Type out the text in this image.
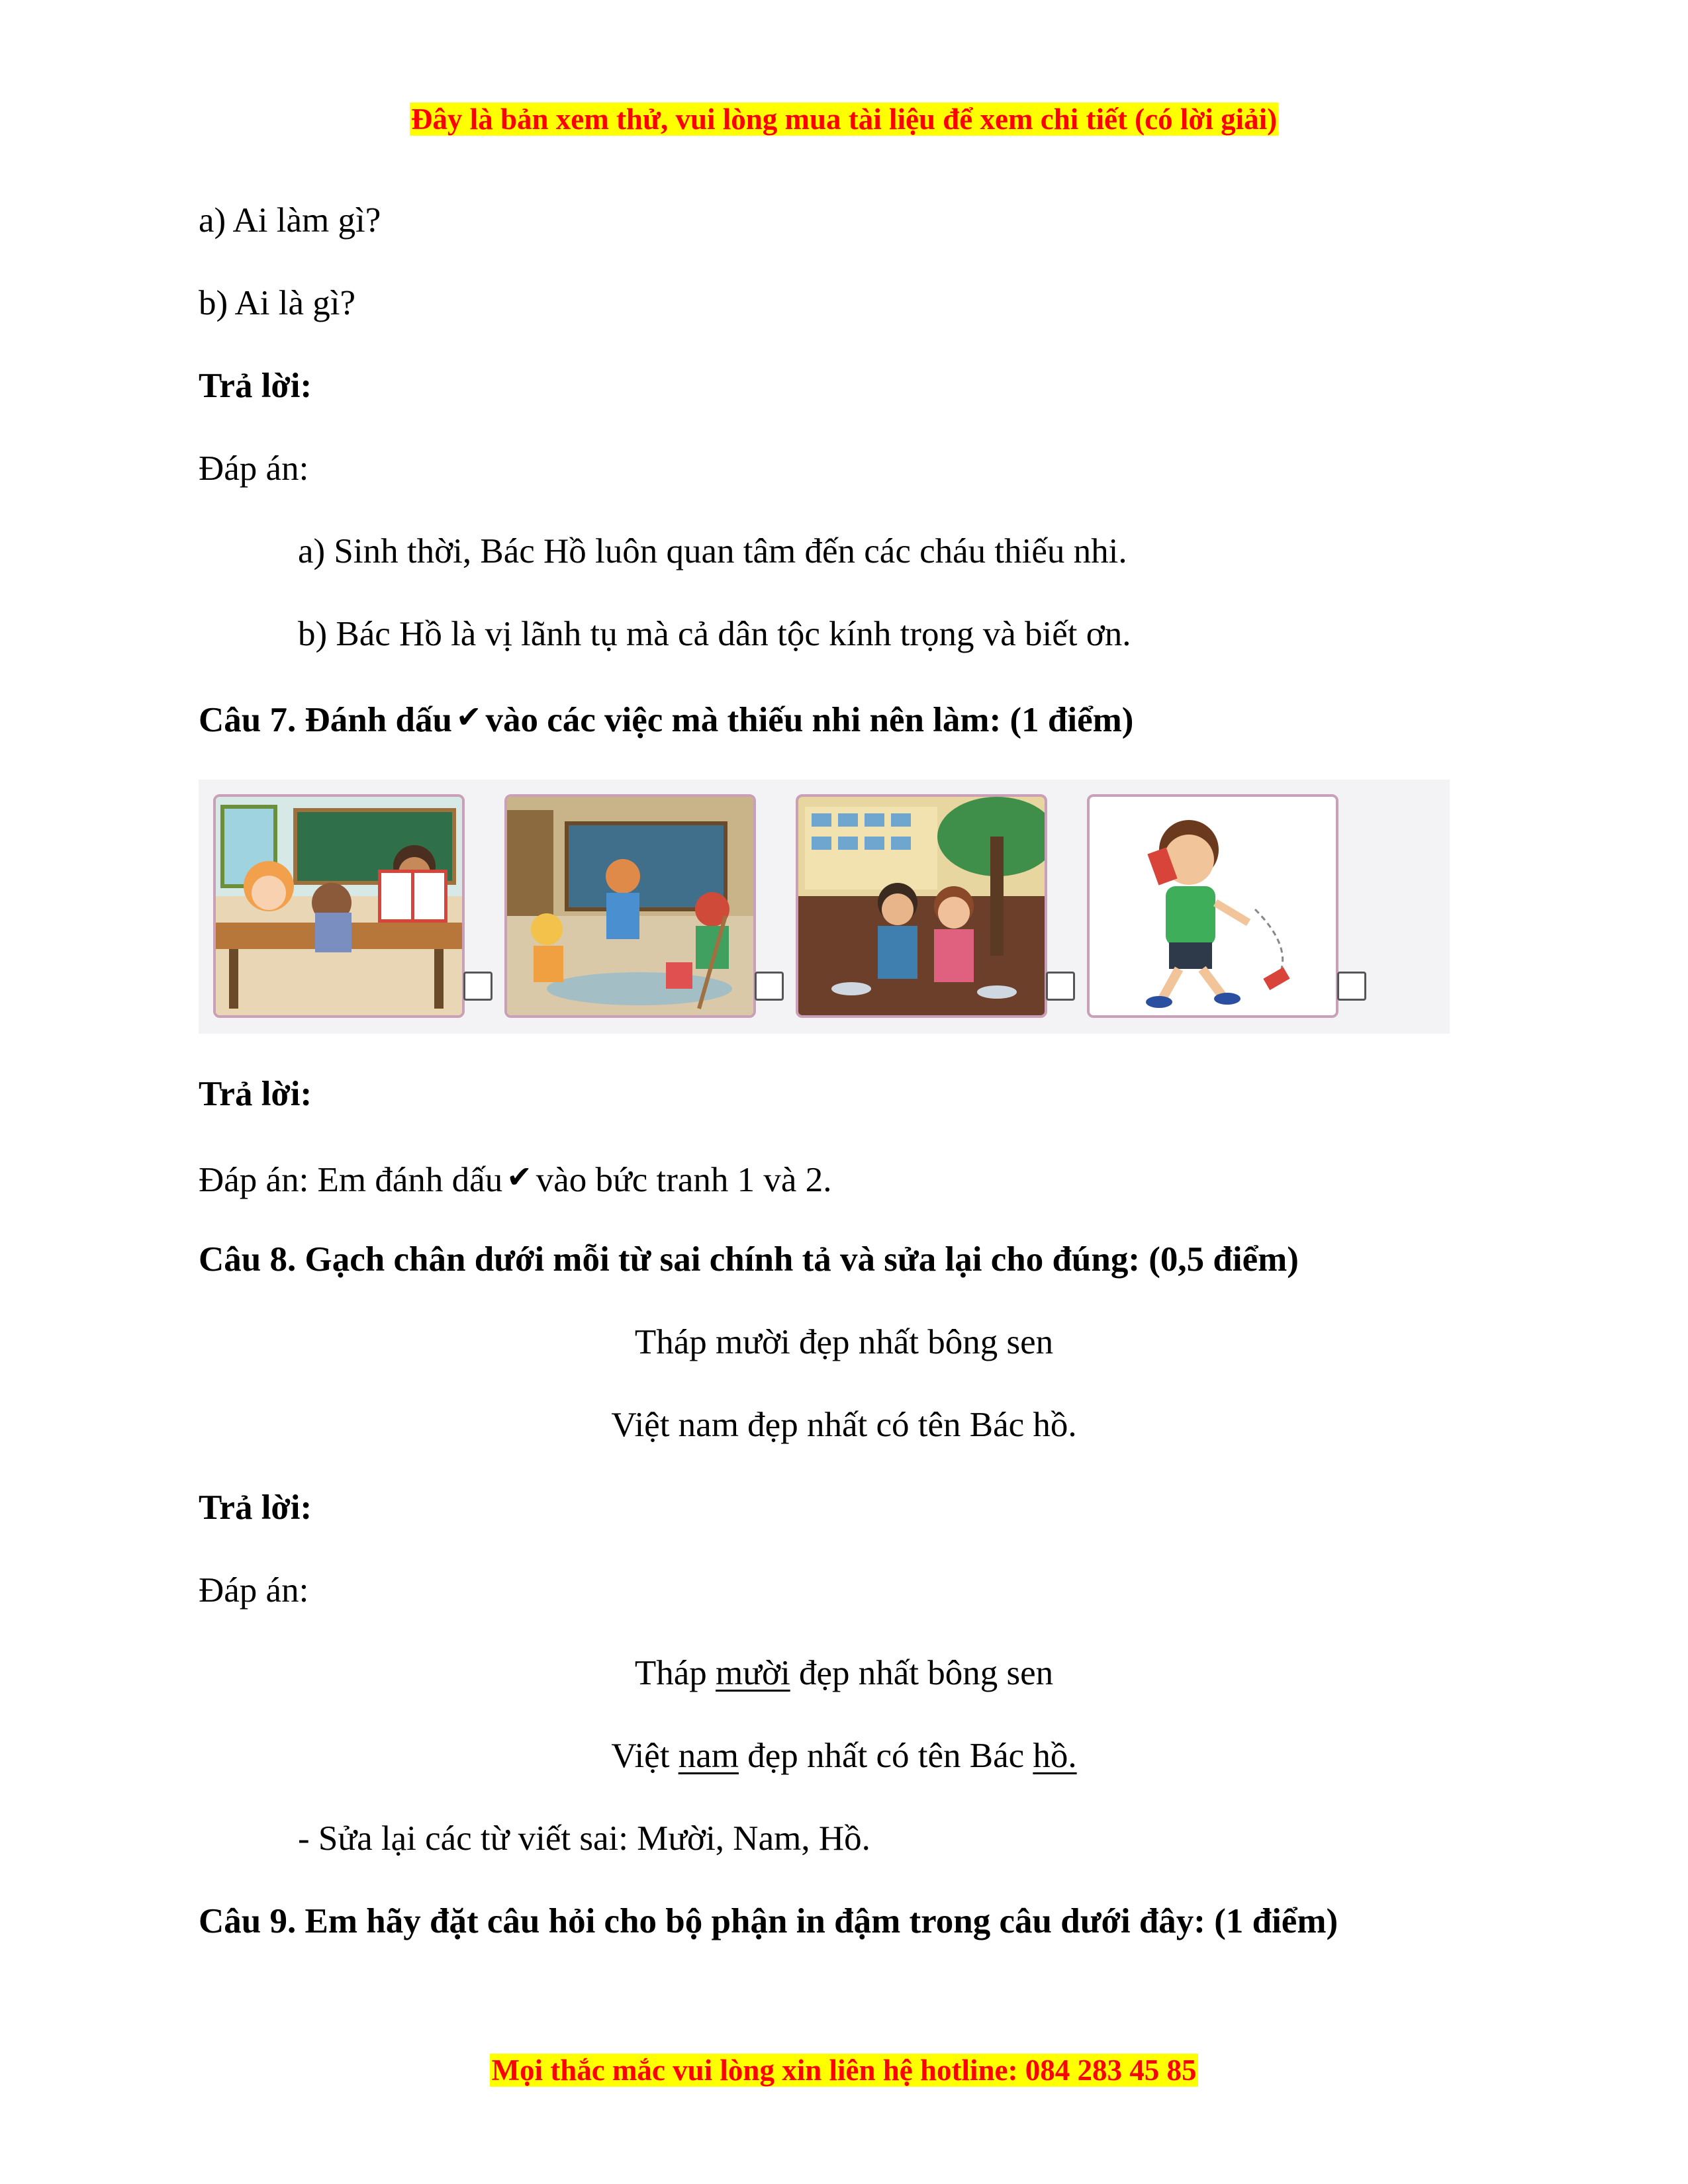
Đây là bản xem thử, vui lòng mua tài liệu để xem chi tiết (có lời giải)
a) Ai làm gì?
b) Ai là gì?
Trả lời:
Đáp án:
a) Sinh thời, Bác Hồ luôn quan tâm đến các cháu thiếu nhi.
b) Bác Hồ là vị lãnh tụ mà cả dân tộc kính trọng và biết ơn.
Câu 7. Đánh dấu ✔ vào các việc mà thiếu nhi nên làm: (1 điểm)
Trả lời:
Đáp án: Em đánh dấu ✔ vào bức tranh 1 và 2.
Câu 8. Gạch chân dưới mỗi từ sai chính tả và sửa lại cho đúng: (0,5 điểm)
Tháp mười đẹp nhất bông sen
Việt nam đẹp nhất có tên Bác hồ.
Trả lời:
Đáp án:
Tháp mười đẹp nhất bông sen
Việt nam đẹp nhất có tên Bác hồ.
- Sửa lại các từ viết sai: Mười, Nam, Hồ.
Câu 9. Em hãy đặt câu hỏi cho bộ phận in đậm trong câu dưới đây: (1 điểm)
Mọi thắc mắc vui lòng xin liên hệ hotline: 084 283 45 85
